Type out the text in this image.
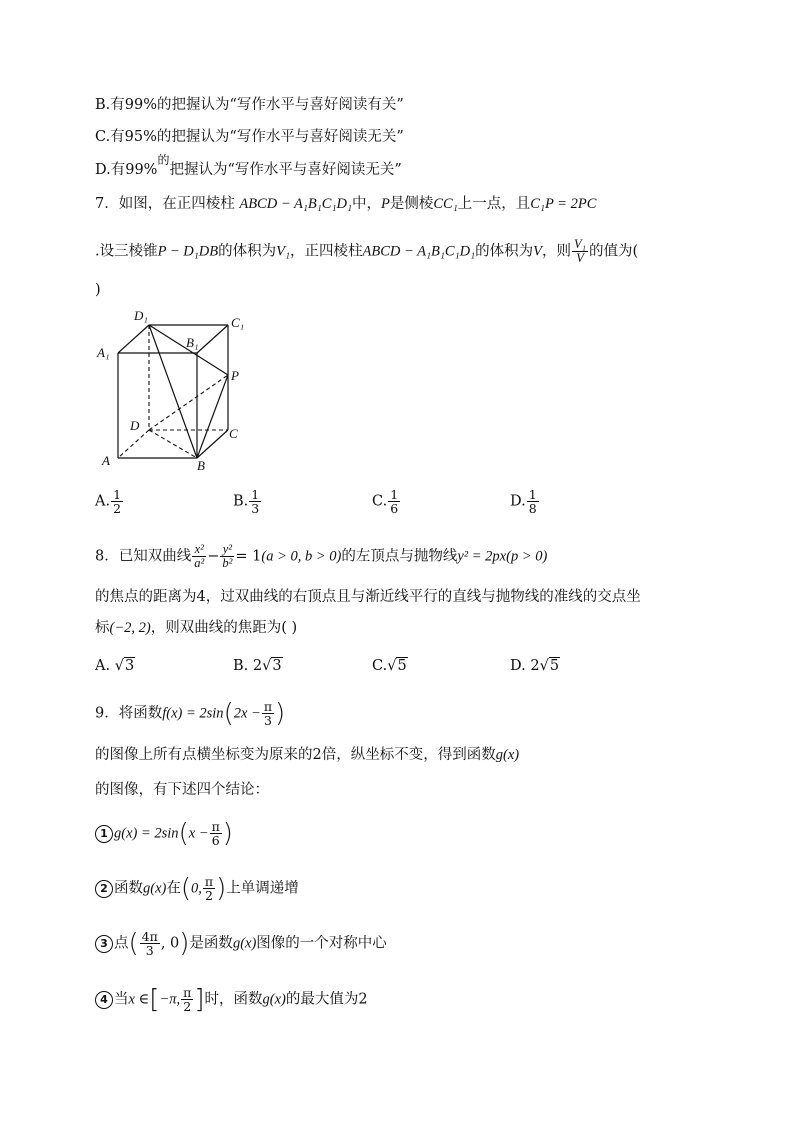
B.有99%的把握认为“写作水平与喜好阅读有关”
C.有95%的把握认为“写作水平与喜好阅读无关”
D.有99%$^的$把握认为“写作水平与喜好阅读无关”
7．如图，在正四棱柱 ABCD − A₁B₁C₁D₁中，P是侧棱CC₁上一点，且C₁P = 2PC
.设三棱锥P − D₁DB的体积为V₁，正四棱柱ABCD − A₁B₁C₁D₁的体积为V，则 $\frac{\text{V₁}}{V}$ 的值为(
)
D₁	C₁
A₁
B₁
P
D
C
A	B
A. $\frac{1}{2}$	B. $\frac{1}{3}$	C. $\frac{1}{6}$	D. $\frac{1}{8}$
8．已知双曲线 $\frac{\text{x²}}{\text{a²}} - \frac{\text{y²}}{\text{b²}} = 1(a > 0$, b > 0)的左顶点与抛物线y² = 2px(p > 0)
的焦点的距离为4，过双曲线的右顶点且与渐近线平行的直线与抛物线的准线的交点坐
标(−2, 2)，则双曲线的焦距为( )
A. √3	B. 2√3	C.√5	D. 2√5
9．将函数$f(x) = 2\sin(2x - \frac{\pi}{3}$ )
的图像上所有点横坐标变为原来的2倍，纵坐标不变，得到函数g(x)
的图像，有下述四个结论：
1 $g(x) = 2\sin(x - \frac{\pi}{6}$ )
2 函数g(x)在(0, $\frac{\pi}{2}$ )上单调递增
3 点( $\frac{4\pi}{3}$ , 0)是函数g(x)图像的一个对称中心
4 当x ∈[−π, $\frac{\pi}{2}$ ]时，函数g(x)的最大值为2
